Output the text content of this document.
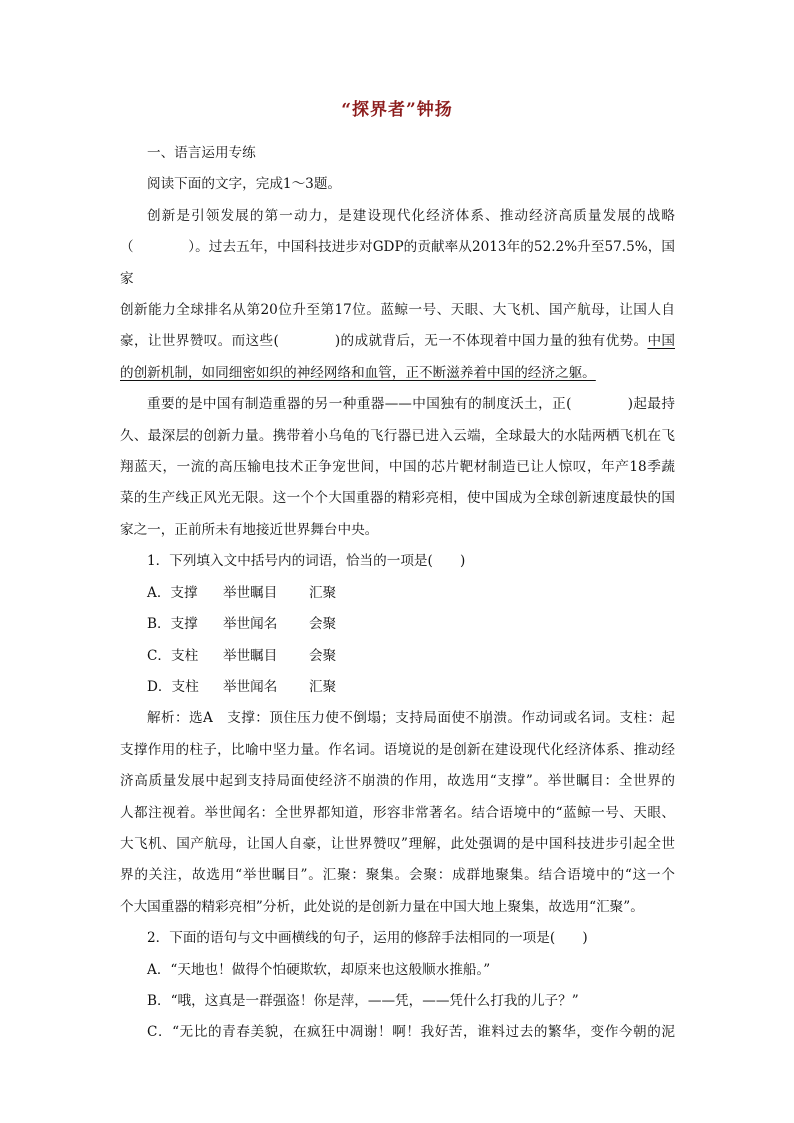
“探界者”钟扬

一、语言运用专练

阅读下面的文字，完成1～3题。

创新是引领发展的第一动力，是建设现代化经济体系、推动经济高质量发展的战略

（　　　　）。过去五年，中国科技进步对GDP的贡献率从2013年的52.2%升至57.5%，国家

创新能力全球排名从第20位升至第17位。蓝鲸一号、天眼、大飞机、国产航母，让国人自

豪，让世界赞叹。而这些(　　　　)的成就背后，无一不体现着中国力量的独有优势。中国

的创新机制，如同细密如织的神经网络和血管，正不断滋养着中国的经济之躯。

重要的是中国有制造重器的另一种重器——中国独有的制度沃土，正(　　　　)起最持

久、最深层的创新力量。携带着小乌龟的飞行器已进入云端，全球最大的水陆两栖飞机在飞

翔蓝天，一流的高压输电技术正争宠世间，中国的芯片靶材制造已让人惊叹，年产18季蔬

菜的生产线正风光无限。这一个个大国重器的精彩亮相，使中国成为全球创新速度最快的国

家之一，正前所未有地接近世界舞台中央。

1．下列填入文中括号内的词语，恰当的一项是(　　)

A．支撑	举世瞩目	汇聚
B．支撑	举世闻名	会聚
C．支柱	举世瞩目	会聚
D．支柱	举世闻名	汇聚

解析：选A　支撑：顶住压力使不倒塌；支持局面使不崩溃。作动词或名词。支柱：起

支撑作用的柱子，比喻中坚力量。作名词。语境说的是创新在建设现代化经济体系、推动经

济高质量发展中起到支持局面使经济不崩溃的作用，故选用“支撑”。举世瞩目：全世界的

人都注视着。举世闻名：全世界都知道，形容非常著名。结合语境中的“蓝鲸一号、天眼、

大飞机、国产航母，让国人自豪，让世界赞叹”理解，此处强调的是中国科技进步引起全世

界的关注，故选用“举世瞩目”。汇聚：聚集。会聚：成群地聚集。结合语境中的“这一个

个大国重器的精彩亮相”分析，此处说的是创新力量在中国大地上聚集，故选用“汇聚”。

2．下面的语句与文中画横线的句子，运用的修辞手法相同的一项是(　　)

A．“天地也！做得个怕硬欺软，却原来也这般顺水推船。”

B．“哦，这真是一群强盗！你是萍，——凭，——凭什么打我的儿子？”

C．“无比的青春美貌，在疯狂中凋谢！啊！我好苦，谁料过去的繁华，变作今朝的泥
